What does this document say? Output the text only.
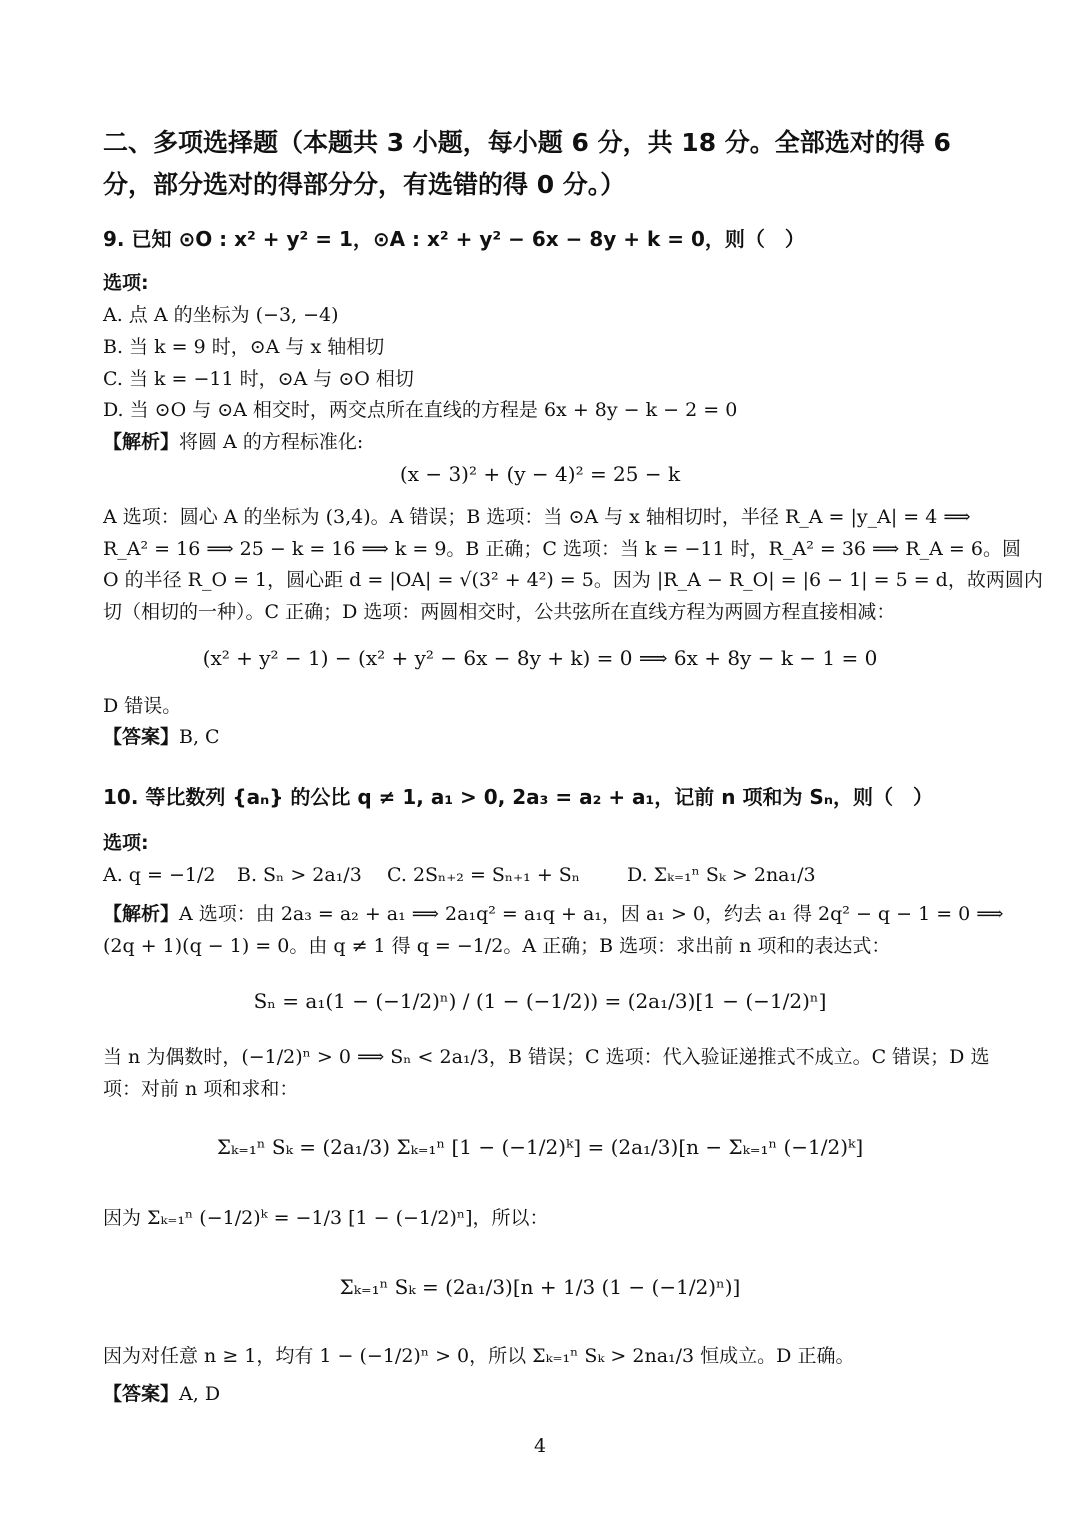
二、多项选择题（本题共 3 小题，每小题 6 分，共 18 分。全部选对的得 6
分，部分选对的得部分分，有选错的得 0 分。）
9. 已知 ⊙O : x² + y² = 1，⊙A : x² + y² − 6x − 8y + k = 0，则（　）
选项:
A. 点 A 的坐标为 (−3, −4)
B. 当 k = 9 时，⊙A 与 x 轴相切
C. 当 k = −11 时，⊙A 与 ⊙O 相切
D. 当 ⊙O 与 ⊙A 相交时，两交点所在直线的方程是 6x + 8y − k − 2 = 0
【解析】将圆 A 的方程标准化:
(x − 3)² + (y − 4)² = 25 − k
A 选项：圆心 A 的坐标为 (3,4)。A 错误；B 选项：当 ⊙A 与 x 轴相切时，半径 R_A = |y_A| = 4 ⟹
R_A² = 16 ⟹ 25 − k = 16 ⟹ k = 9。B 正确；C 选项：当 k = −11 时，R_A² = 36 ⟹ R_A = 6。圆
O 的半径 R_O = 1，圆心距 d = |OA| = √(3² + 4²) = 5。因为 |R_A − R_O| = |6 − 1| = 5 = d，故两圆内
切（相切的一种）。C 正确；D 选项：两圆相交时，公共弦所在直线方程为两圆方程直接相减：
(x² + y² − 1) − (x² + y² − 6x − 8y + k) = 0 ⟹ 6x + 8y − k − 1 = 0
D 错误。
【答案】B, C
10. 等比数列 {aₙ} 的公比 q ≠ 1, a₁ > 0, 2a₃ = a₂ + a₁，记前 n 项和为 Sₙ，则（　）
选项:
A. q = −1/2 B. Sₙ > 2a₁/3 C. 2Sₙ₊₂ = Sₙ₊₁ + Sₙ D. Σₖ₌₁ⁿ Sₖ > 2na₁/3
【解析】A 选项：由 2a₃ = a₂ + a₁ ⟹ 2a₁q² = a₁q + a₁，因 a₁ > 0，约去 a₁ 得 2q² − q − 1 = 0 ⟹
(2q + 1)(q − 1) = 0。由 q ≠ 1 得 q = −1/2。A 正确；B 选项：求出前 n 项和的表达式：
Sₙ = a₁(1 − (−1/2)ⁿ) / (1 − (−1/2)) = (2a₁/3)[1 − (−1/2)ⁿ]
当 n 为偶数时，(−1/2)ⁿ > 0 ⟹ Sₙ < 2a₁/3，B 错误；C 选项：代入验证递推式不成立。C 错误；D 选
项：对前 n 项和求和：
Σₖ₌₁ⁿ Sₖ = (2a₁/3) Σₖ₌₁ⁿ [1 − (−1/2)ᵏ] = (2a₁/3)[n − Σₖ₌₁ⁿ (−1/2)ᵏ]
因为 Σₖ₌₁ⁿ (−1/2)ᵏ = −1/3 [1 − (−1/2)ⁿ]，所以：
Σₖ₌₁ⁿ Sₖ = (2a₁/3)[n + 1/3 (1 − (−1/2)ⁿ)]
因为对任意 n ≥ 1，均有 1 − (−1/2)ⁿ > 0，所以 Σₖ₌₁ⁿ Sₖ > 2na₁/3 恒成立。D 正确。
【答案】A, D
4
